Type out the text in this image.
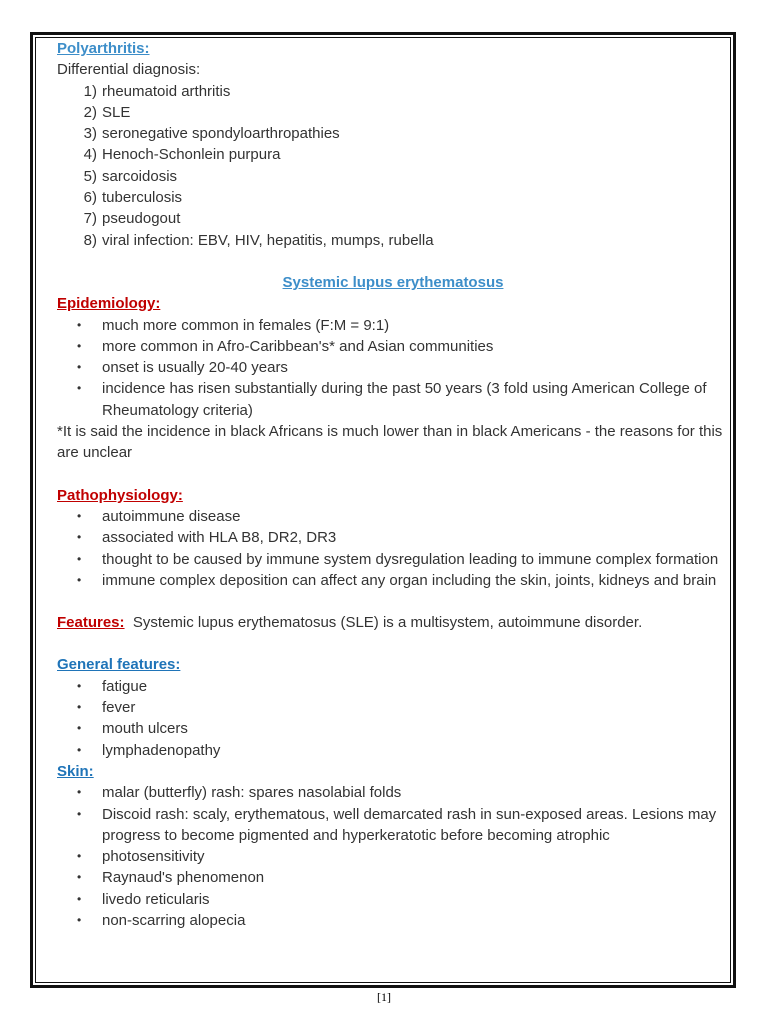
Polyarthritis:
Differential diagnosis:
1) rheumatoid arthritis
2) SLE
3) seronegative spondyloarthropathies
4) Henoch-Schonlein purpura
5) sarcoidosis
6) tuberculosis
7) pseudogout
8) viral infection: EBV, HIV, hepatitis, mumps, rubella
Systemic lupus erythematosus
Epidemiology:
• much more common in females (F:M = 9:1)
• more common in Afro-Caribbean's* and Asian communities
• onset is usually 20-40 years
• incidence has risen substantially during the past 50 years (3 fold using American College of Rheumatology criteria)
*It is said the incidence in black Africans is much lower than in black Americans - the reasons for this are unclear
Pathophysiology:
• autoimmune disease
• associated with HLA B8, DR2, DR3
• thought to be caused by immune system dysregulation leading to immune complex formation
• immune complex deposition can affect any organ including the skin, joints, kidneys and brain
Features: Systemic lupus erythematosus (SLE) is a multisystem, autoimmune disorder.
General features:
• fatigue
• fever
• mouth ulcers
• lymphadenopathy
Skin:
• malar (butterfly) rash: spares nasolabial folds
• Discoid rash: scaly, erythematous, well demarcated rash in sun-exposed areas. Lesions may progress to become pigmented and hyperkeratotic before becoming atrophic
• photosensitivity
• Raynaud's phenomenon
• livedo reticularis
• non-scarring alopecia
[1]
